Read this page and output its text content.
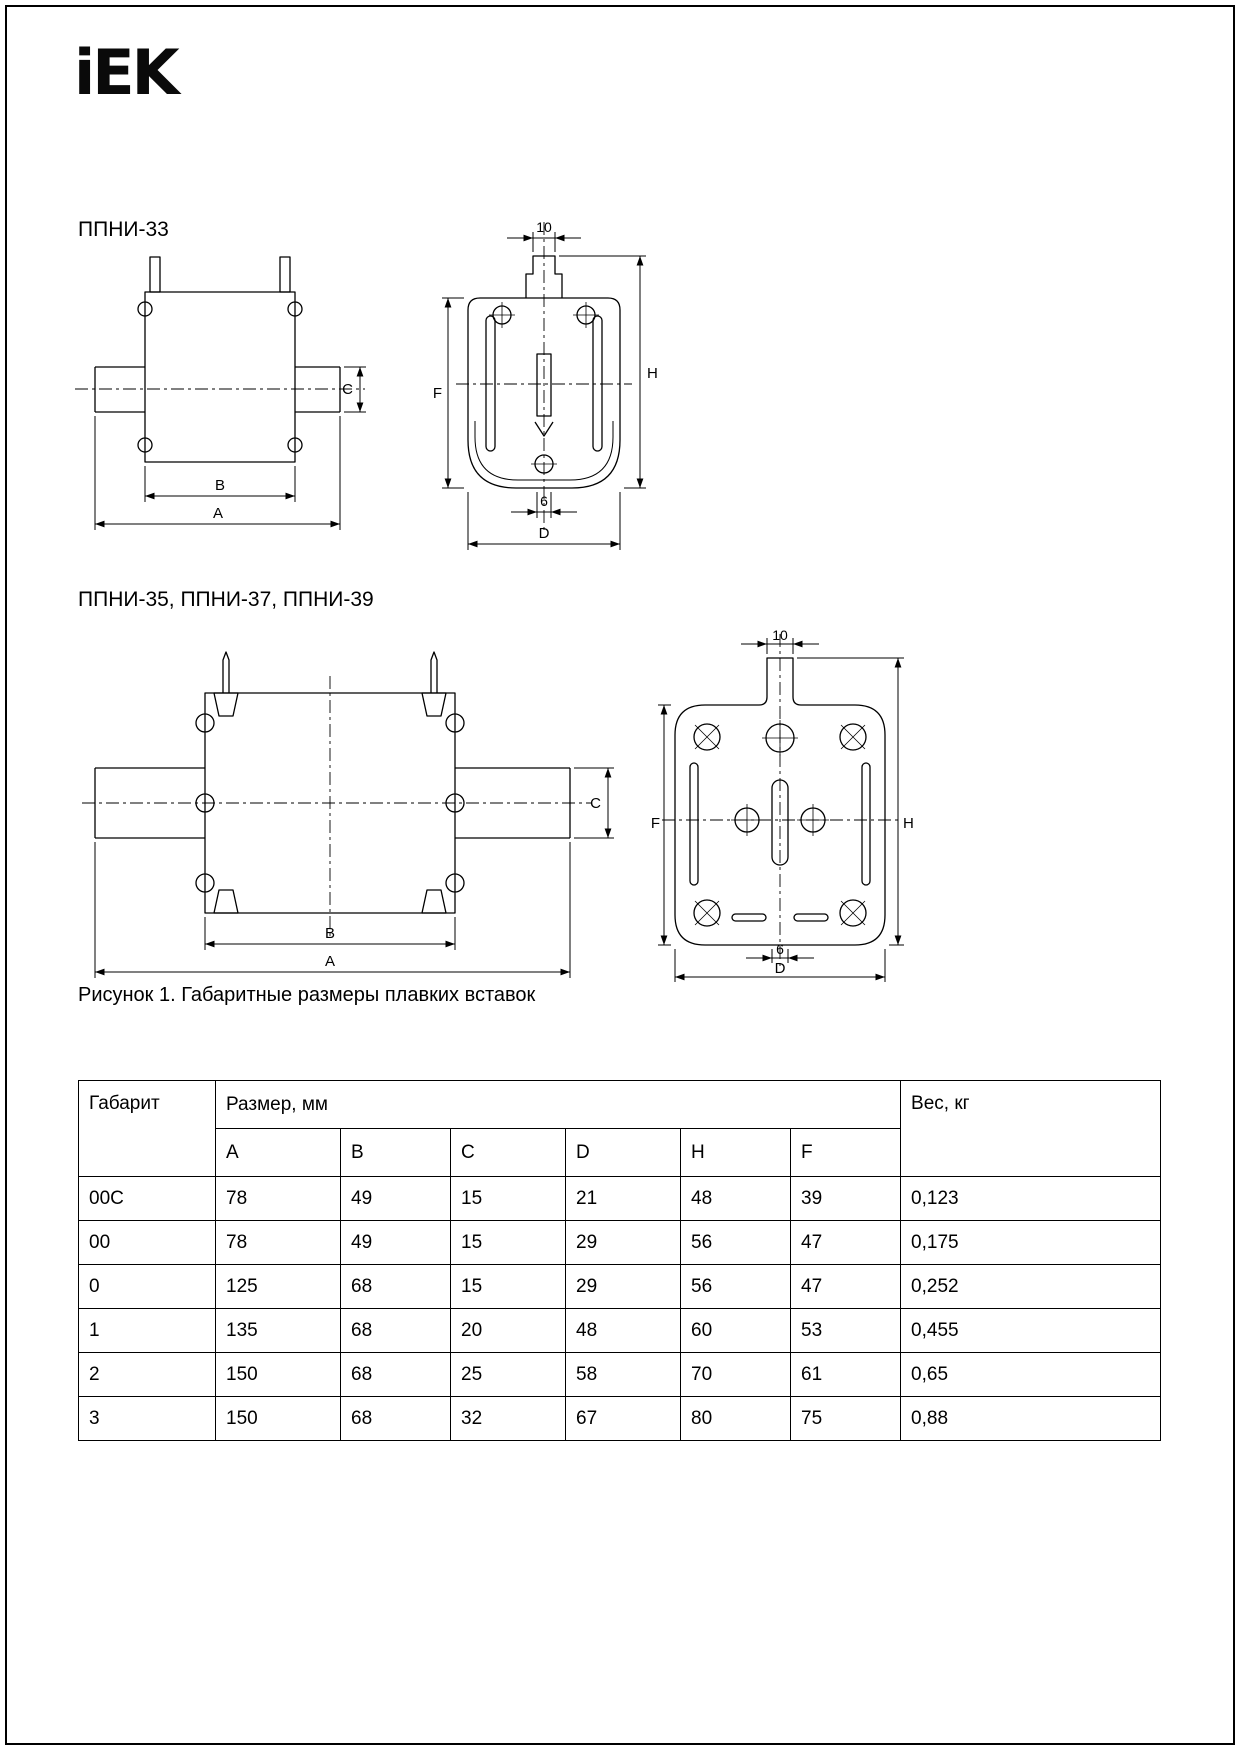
iEK
ППНИ-33
C
B
A
10
F
H
6
D
ППНИ-35, ППНИ-37, ППНИ-39
C
B
A
10
F	H
6
D
Рисунок 1. Габаритные размеры плавких вставок
Габарит	Размер, мм						Вес, кг
	A	B	C	D	H	F	
00C	78	49	15	21	48	39	0,123
00	78	49	15	29	56	47	0,175
0	125	68	15	29	56	47	0,252
1	135	68	20	48	60	53	0,455
2	150	68	25	58	70	61	0,65
3	150	68	32	67	80	75	0,88
